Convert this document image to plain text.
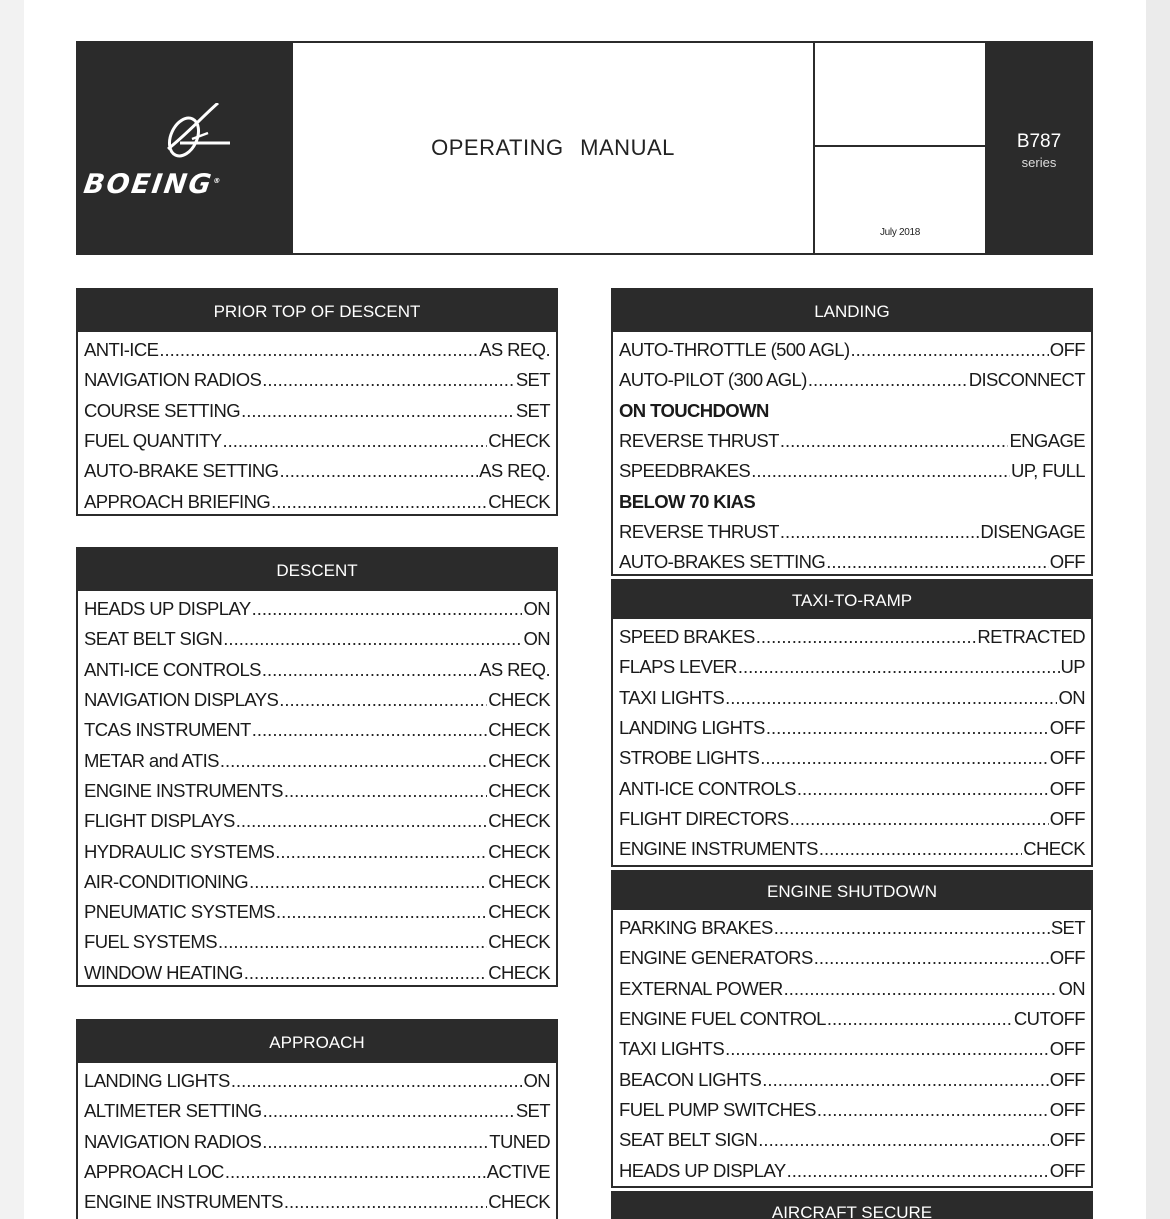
BOEING®
OPERATING MANUAL
July 2018
B787
series
PRIOR TOP OF DESCENT
ANTI-ICE .....	AS REQ.
NAVIGATION RADIOS .....	SET
COURSE SETTING .....	SET
FUEL QUANTITY .....	CHECK
AUTO-BRAKE SETTING .....	AS REQ.
APPROACH BRIEFING .....	CHECK
DESCENT
HEADS UP DISPLAY .....	ON
SEAT BELT SIGN .....	ON
ANTI-ICE CONTROLS .....	AS REQ.
NAVIGATION DISPLAYS .....	CHECK
TCAS INSTRUMENT .....	CHECK
METAR and ATIS .....	CHECK
ENGINE INSTRUMENTS .....	CHECK
FLIGHT DISPLAYS .....	CHECK
HYDRAULIC SYSTEMS .....	CHECK
AIR-CONDITIONING .....	CHECK
PNEUMATIC SYSTEMS .....	CHECK
FUEL SYSTEMS .....	CHECK
WINDOW HEATING .....	CHECK
APPROACH
LANDING LIGHTS .....	ON
ALTIMETER SETTING .....	SET
NAVIGATION RADIOS .....	TUNED
APPROACH LOC .....	ACTIVE
ENGINE INSTRUMENTS .....	CHECK
LANDING
AUTO-THROTTLE (500 AGL) .....	OFF
AUTO-PILOT (300 AGL) .....	DISCONNECT
ON TOUCHDOWN
REVERSE THRUST .....	ENGAGE
SPEEDBRAKES .....	UP, FULL
BELOW 70 KIAS
REVERSE THRUST .....	DISENGAGE
AUTO-BRAKES SETTING .....	OFF
TAXI-TO-RAMP
SPEED BRAKES .....	RETRACTED
FLAPS LEVER .....	UP
TAXI LIGHTS .....	ON
LANDING LIGHTS .....	OFF
STROBE LIGHTS .....	OFF
ANTI-ICE CONTROLS .....	OFF
FLIGHT DIRECTORS .....	OFF
ENGINE INSTRUMENTS .....	CHECK
ENGINE SHUTDOWN
PARKING BRAKES .....	SET
ENGINE GENERATORS .....	OFF
EXTERNAL POWER .....	ON
ENGINE FUEL CONTROL .....	CUTOFF
TAXI LIGHTS .....	OFF
BEACON LIGHTS .....	OFF
FUEL PUMP SWITCHES .....	OFF
SEAT BELT SIGN .....	OFF
HEADS UP DISPLAY .....	OFF
AIRCRAFT SECURE
